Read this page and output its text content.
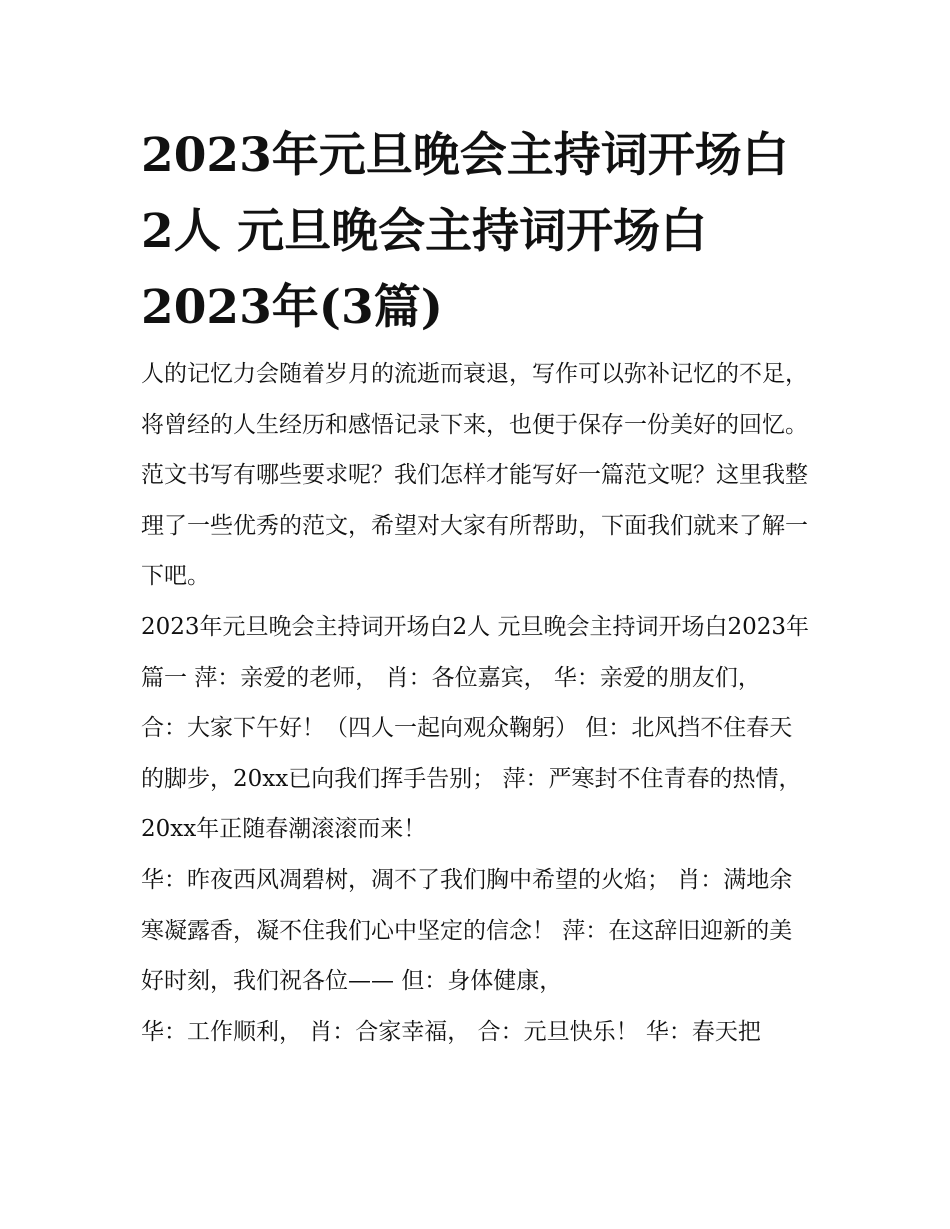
2023年元旦晚会主持词开场白2人 元旦晚会主持词开场白2023年(3篇)

人的记忆力会随着岁月的流逝而衰退，写作可以弥补记忆的不足，将曾经的人生经历和感悟记录下来，也便于保存一份美好的回忆。范文书写有哪些要求呢？我们怎样才能写好一篇范文呢？这里我整理了一些优秀的范文，希望对大家有所帮助，下面我们就来了解一下吧。

2023年元旦晚会主持词开场白2人 元旦晚会主持词开场白2023年篇一 萍：亲爱的老师， 肖：各位嘉宾， 华：亲爱的朋友们，

合：大家下午好！（四人一起向观众鞠躬） 但：北风挡不住春天的脚步，20xx已向我们挥手告别； 萍：严寒封不住青春的热情，20xx年正随春潮滚滚而来！

华：昨夜西风凋碧树，凋不了我们胸中希望的火焰； 肖：满地余寒凝露香，凝不住我们心中坚定的信念！ 萍：在这辞旧迎新的美好时刻，我们祝各位—— 但：身体健康，

华：工作顺利， 肖：合家幸福， 合：元旦快乐！ 华：春天把
